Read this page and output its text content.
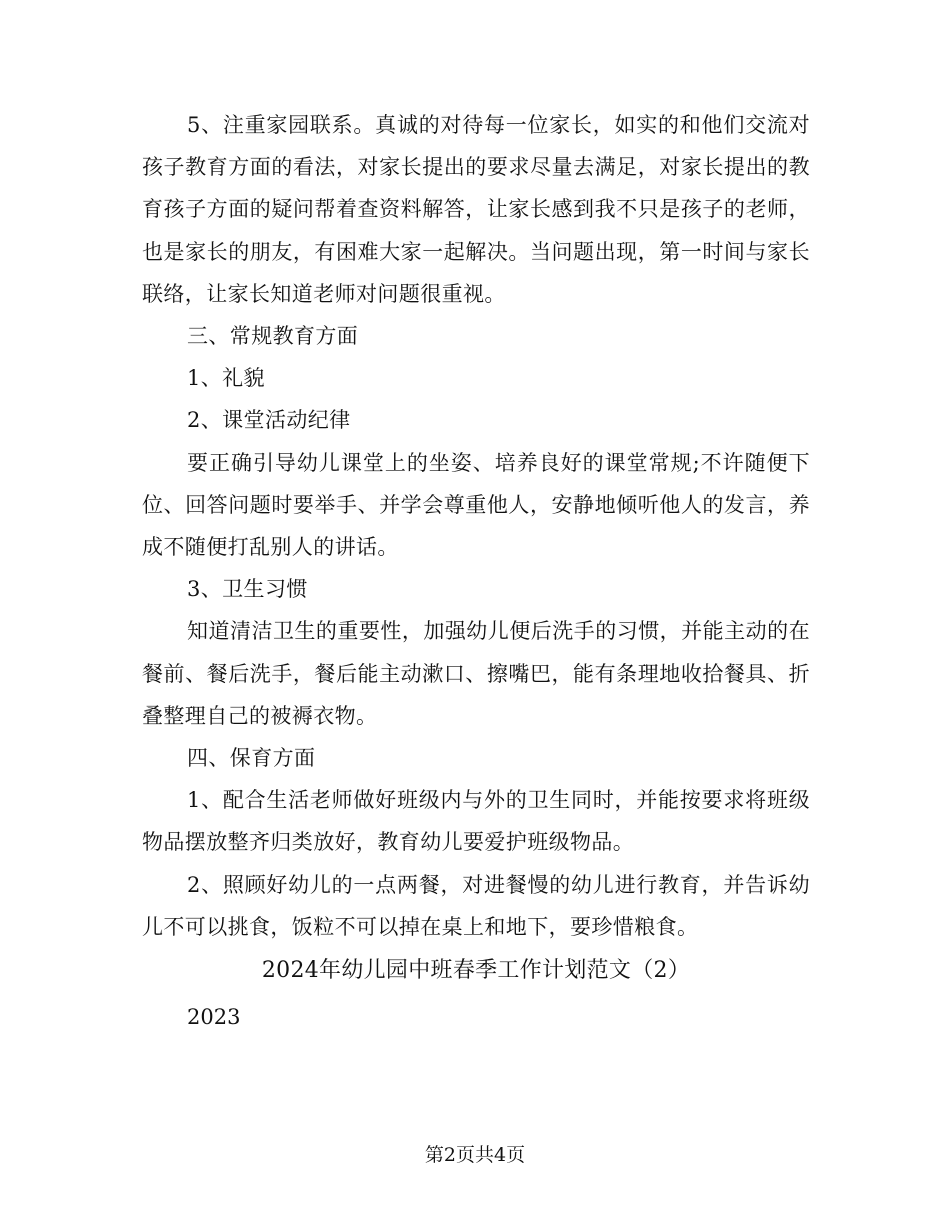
5、注重家园联系。真诚的对待每一位家长，如实的和他们交流对孩子教育方面的看法，对家长提出的要求尽量去满足，对家长提出的教育孩子方面的疑问帮着查资料解答，让家长感到我不只是孩子的老师，也是家长的朋友，有困难大家一起解决。当问题出现，第一时间与家长联络，让家长知道老师对问题很重视。

三、常规教育方面

1、礼貌

2、课堂活动纪律

要正确引导幼儿课堂上的坐姿、培养良好的课堂常规;不许随便下位、回答问题时要举手、并学会尊重他人，安静地倾听他人的发言，养成不随便打乱别人的讲话。

3、卫生习惯

知道清洁卫生的重要性，加强幼儿便后洗手的习惯，并能主动的在餐前、餐后洗手，餐后能主动漱口、擦嘴巴，能有条理地收拾餐具、折叠整理自己的被褥衣物。

四、保育方面

1、配合生活老师做好班级内与外的卫生同时，并能按要求将班级物品摆放整齐归类放好，教育幼儿要爱护班级物品。

2、照顾好幼儿的一点两餐，对进餐慢的幼儿进行教育，并告诉幼儿不可以挑食，饭粒不可以掉在桌上和地下，要珍惜粮食。

2024年幼儿园中班春季工作计划范文（2）
2023
第2页共4页
